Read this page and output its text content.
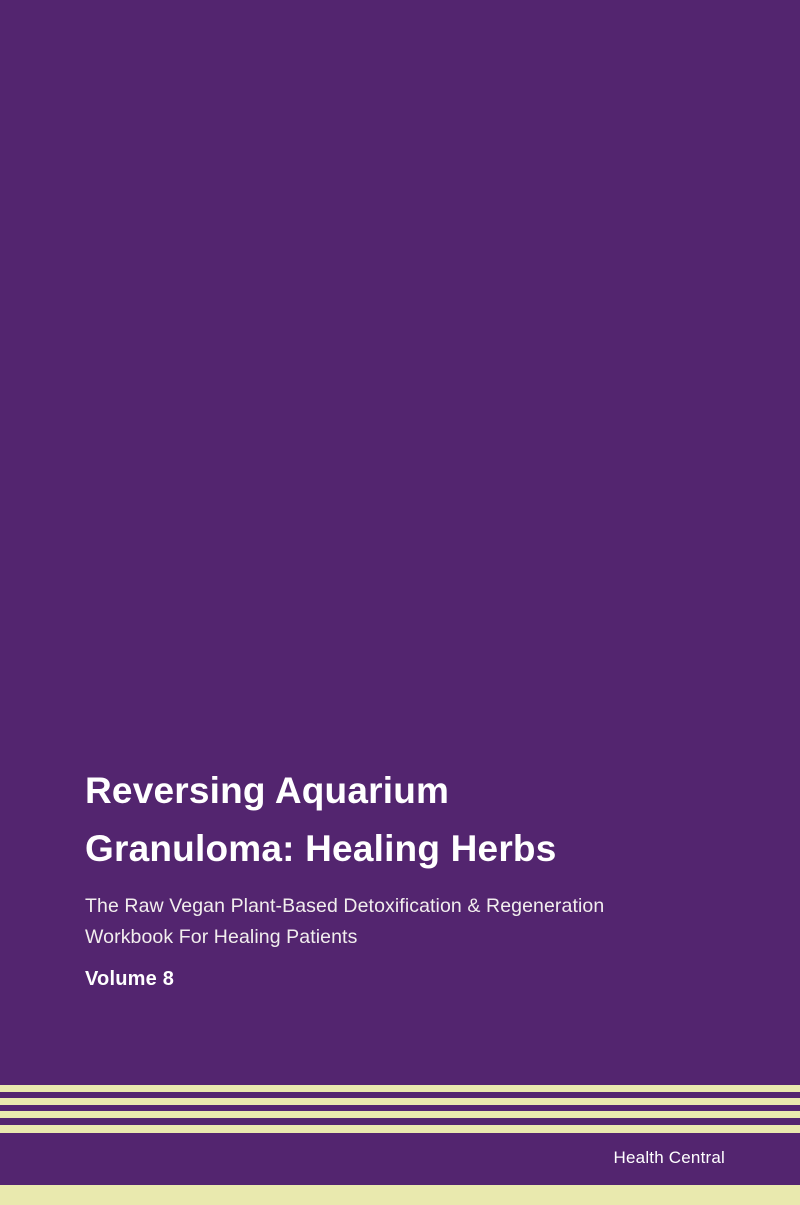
Reversing Aquarium
Granuloma: Healing Herbs

The Raw Vegan Plant-Based Detoxification & Regeneration
Workbook For Healing Patients

Volume 8

Health Central
